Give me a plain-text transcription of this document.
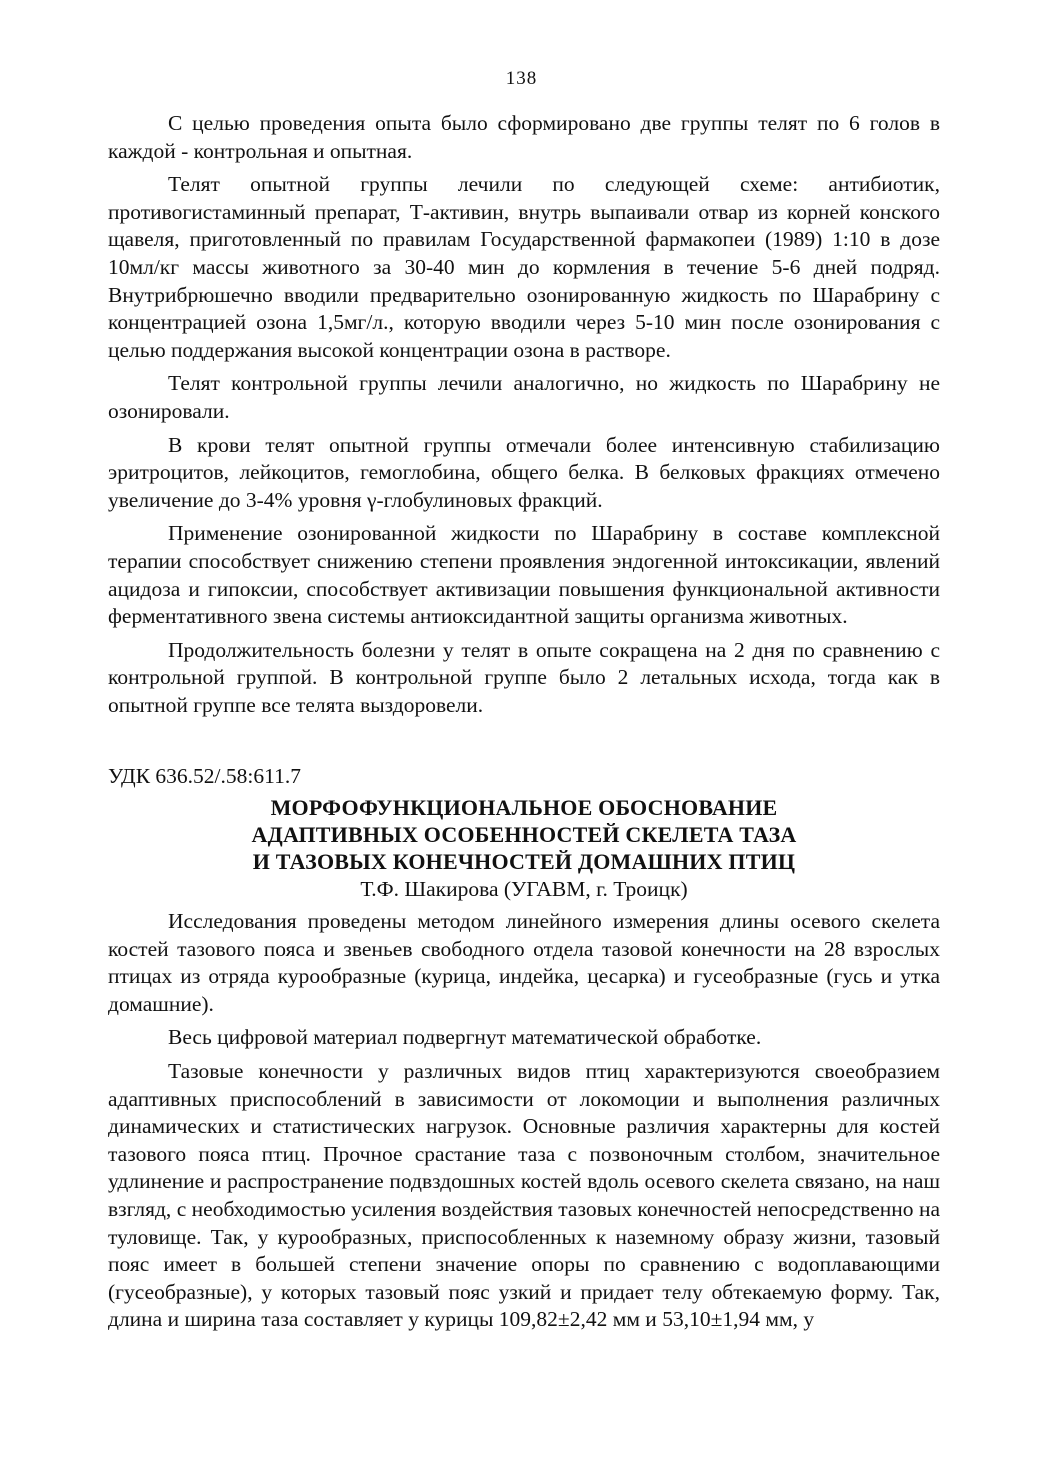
138

С целью проведения опыта было сформировано две группы телят по 6 голов в каждой - контрольная и опытная.

Телят опытной группы лечили по следующей схеме: антибиотик, противогистаминный препарат, Т-активин, внутрь выпаивали отвар из корней конского щавеля, приготовленный по правилам Государственной фармакопеи (1989) 1:10 в дозе 10мл/кг массы животного за 30-40 мин до кормления в течение 5-6 дней подряд. Внутрибрюшечно вводили предварительно озонированную жидкость по Шарабрину с концентрацией озона 1,5мг/л., которую вводили через 5-10 мин после озонирования с целью поддержания высокой концентрации озона в растворе.

Телят контрольной группы лечили аналогично, но жидкость по Шарабрину не озонировали.

В крови телят опытной группы отмечали более интенсивную стабилизацию эритроцитов, лейкоцитов, гемоглобина, общего белка. В белковых фракциях отмечено увеличение до 3-4% уровня γ-глобулиновых фракций.

Применение озонированной жидкости по Шарабрину в составе комплексной терапии способствует снижению степени проявления эндогенной интоксикации, явлений ацидоза и гипоксии, способствует активизации повышения функциональной активности ферментативного звена системы антиоксидантной защиты организма животных.

Продолжительность болезни у телят в опыте сокращена на 2 дня по сравнению с контрольной группой. В контрольной группе было 2 летальных исхода, тогда как в опытной группе все телята выздоровели.

УДК 636.52/.58:611.7
МОРФОФУНКЦИОНАЛЬНОЕ ОБОСНОВАНИЕ
АДАПТИВНЫХ ОСОБЕННОСТЕЙ СКЕЛЕТА ТАЗА
И ТАЗОВЫХ КОНЕЧНОСТЕЙ ДОМАШНИХ ПТИЦ
Т.Ф. Шакирова (УГАВМ, г. Троицк)

Исследования проведены методом линейного измерения длины осевого скелета костей тазового пояса и звеньев свободного отдела тазовой конечности на 28 взрослых птицах из отряда курообразные (курица, индейка, цесарка) и гусеобразные (гусь и утка домашние).

Весь цифровой материал подвергнут математической обработке.

Тазовые конечности у различных видов птиц характеризуются своеобразием адаптивных приспособлений в зависимости от локомоции и выполнения различных динамических и статистических нагрузок. Основные различия характерны для костей тазового пояса птиц. Прочное срастание таза с позвоночным столбом, значительное удлинение и распространение подвздошных костей вдоль осевого скелета связано, на наш взгляд, с необходимостью усиления воздействия тазовых конечностей непосредственно на туловище. Так, у курообразных, приспособленных к наземному образу жизни, тазовый пояс имеет в большей степени значение опоры по сравнению с водоплавающими (гусеобразные), у которых тазовый пояс узкий и придает телу обтекаемую форму. Так, длина и ширина таза составляет у курицы 109,82±2,42 мм и 53,10±1,94 мм, у
